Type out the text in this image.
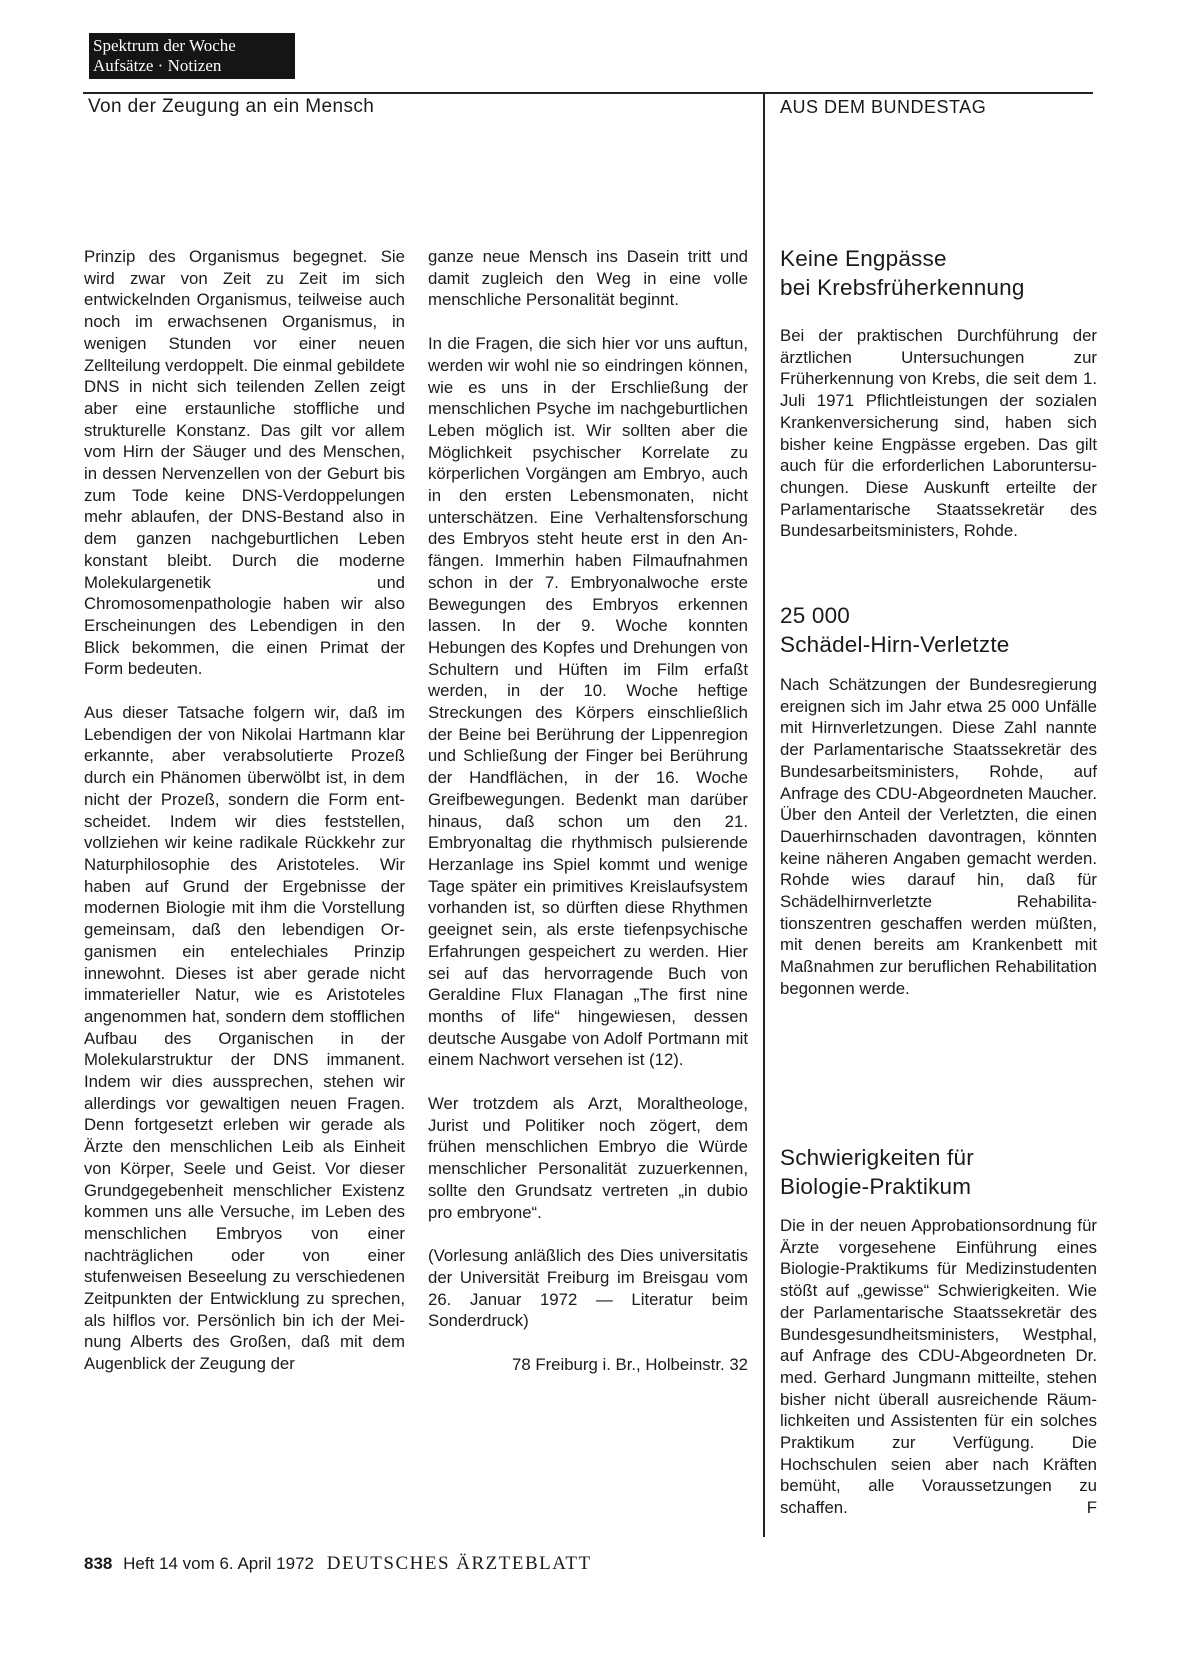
Spektrum der Woche
Aufsätze · Notizen
Von der Zeugung an ein Mensch	AUS DEM BUNDESTAG

Prinzip des Organismus begegnet. Sie wird zwar von Zeit zu Zeit im sich entwickelnden Organismus, teilweise auch noch im erwachsenen Organismus, in wenigen Stunden vor einer neuen Zellteilung verdoppelt. Die einmal gebildete DNS in nicht sich teilenden Zellen zeigt aber eine erstaunliche stoffliche und strukturelle Konstanz. Das gilt vor allem vom Hirn der Säuger und des Menschen, in dessen Nervenzellen von der Geburt bis zum Tode keine DNS-Verdoppelungen mehr ablaufen, der DNS-Bestand also in dem ganzen nachgeburtlichen Leben konstant bleibt. Durch die moderne Molekulargenetik und Chromosomenpathologie haben wir also Erscheinungen des Lebendigen in den Blick bekommen, die einen Primat der Form bedeuten.

Aus dieser Tatsache folgern wir, daß im Lebendigen der von Nikolai Hartmann klar erkannte, aber verabsolutierte Prozeß durch ein Phänomen überwölbt ist, in dem nicht der Prozeß, sondern die Form entscheidet. Indem wir dies feststellen, vollziehen wir keine radikale Rückkehr zur Naturphilosophie des Aristoteles. Wir haben auf Grund der Ergebnisse der modernen Biologie mit ihm die Vorstellung gemeinsam, daß den lebendigen Organismen ein entelechiales Prinzip innewohnt. Dieses ist aber gerade nicht immaterieller Natur, wie es Aristoteles angenommen hat, sondern dem stofflichen Aufbau des Organischen in der Molekularstruktur der DNS immanent. Indem wir dies aussprechen, stehen wir allerdings vor gewaltigen neuen Fragen. Denn fortgesetzt erleben wir gerade als Ärzte den menschlichen Leib als Einheit von Körper, Seele und Geist. Vor dieser Grundgegebenheit menschlicher Existenz kommen uns alle Versuche, im Leben des menschlichen Embryos von einer nachträglichen oder von einer stufenweisen Beseelung zu verschiedenen Zeitpunkten der Entwicklung zu sprechen, als hilflos vor. Persönlich bin ich der Meinung Alberts des Großen, daß mit dem Augenblick der Zeugung der

ganze neue Mensch ins Dasein tritt und damit zugleich den Weg in eine volle menschliche Personalität beginnt.

In die Fragen, die sich hier vor uns auftun, werden wir wohl nie so eindringen können, wie es uns in der Erschließung der menschlichen Psyche im nachgeburtlichen Leben möglich ist. Wir sollten aber die Möglichkeit psychischer Korrelate zu körperlichen Vorgängen am Embryo, auch in den ersten Lebensmonaten, nicht unterschätzen. Eine Verhaltensforschung des Embryos steht heute erst in den Anfängen. Immerhin haben Filmaufnahmen schon in der 7. Embryonalwoche erste Bewegungen des Embryos erkennen lassen. In der 9. Woche konnten Hebungen des Kopfes und Drehungen von Schultern und Hüften im Film erfaßt werden, in der 10. Woche heftige Streckungen des Körpers einschließlich der Beine bei Berührung der Lippenregion und Schließung der Finger bei Berührung der Handflächen, in der 16. Woche Greifbewegungen. Bedenkt man darüber hinaus, daß schon um den 21. Embryonaltag die rhythmisch pulsierende Herzanlage ins Spiel kommt und wenige Tage später ein primitives Kreislaufsystem vorhanden ist, so dürften diese Rhythmen geeignet sein, als erste tiefenpsychische Erfahrungen gespeichert zu werden. Hier sei auf das hervorragende Buch von Geraldine Flux Flanagan „The first nine months of life“ hingewiesen, dessen deutsche Ausgabe von Adolf Portmann mit einem Nachwort versehen ist (12).

Wer trotzdem als Arzt, Moraltheologe, Jurist und Politiker noch zögert, dem frühen menschlichen Embryo die Würde menschlicher Personalität zuzuerkennen, sollte den Grundsatz vertreten „in dubio pro embryone“.

(Vorlesung anläßlich des Dies universitatis der Universität Freiburg im Breisgau vom 26. Januar 1972 — Literatur beim Sonderdruck)

78 Freiburg i. Br., Holbeinstr. 32
Keine Engpässe
bei Krebsfrüherkennung
Bei der praktischen Durchführung der ärztlichen Untersuchungen zur Früherkennung von Krebs, die seit dem 1. Juli 1971 Pflichtleistungen der sozialen Krankenversicherung sind, haben sich bisher keine Engpässe ergeben. Das gilt auch für die erforderlichen Laboruntersuchungen. Diese Auskunft erteilte der Parlamentarische Staatssekretär des Bundesarbeitsministers, Rohde.
25 000
Schädel-Hirn-Verletzte
Nach Schätzungen der Bundesregierung ereignen sich im Jahr etwa 25 000 Unfälle mit Hirnverletzungen. Diese Zahl nannte der Parlamentarische Staatssekretär des Bundesarbeitsministers, Rohde, auf Anfrage des CDU-Abgeordneten Maucher. Über den Anteil der Verletzten, die einen Dauerhirnschaden davontragen, könnten keine näheren Angaben gemacht werden. Rohde wies darauf hin, daß für Schädelhirnverletzte Rehabilitationszentren geschaffen werden müßten, mit denen bereits am Krankenbett mit Maßnahmen zur beruflichen Rehabilitation begonnen werde.
Schwierigkeiten für
Biologie-Praktikum
Die in der neuen Approbationsordnung für Ärzte vorgesehene Einführung eines Biologie-Praktikums für Medizinstudenten stößt auf „gewisse“ Schwierigkeiten. Wie der Parlamentarische Staatssekretär des Bundesgesundheitsministers, Westphal, auf Anfrage des CDU-Abgeordneten Dr. med. Gerhard Jungmann mitteilte, stehen bisher nicht überall ausreichende Räumlichkeiten und Assistenten für ein solches Praktikum zur Verfügung. Die Hochschulen seien aber nach Kräften bemüht, alle Voraussetzungen zu schaffen.	F
838 Heft 14 vom 6. April 1972 DEUTSCHES ÄRZTEBLATT
